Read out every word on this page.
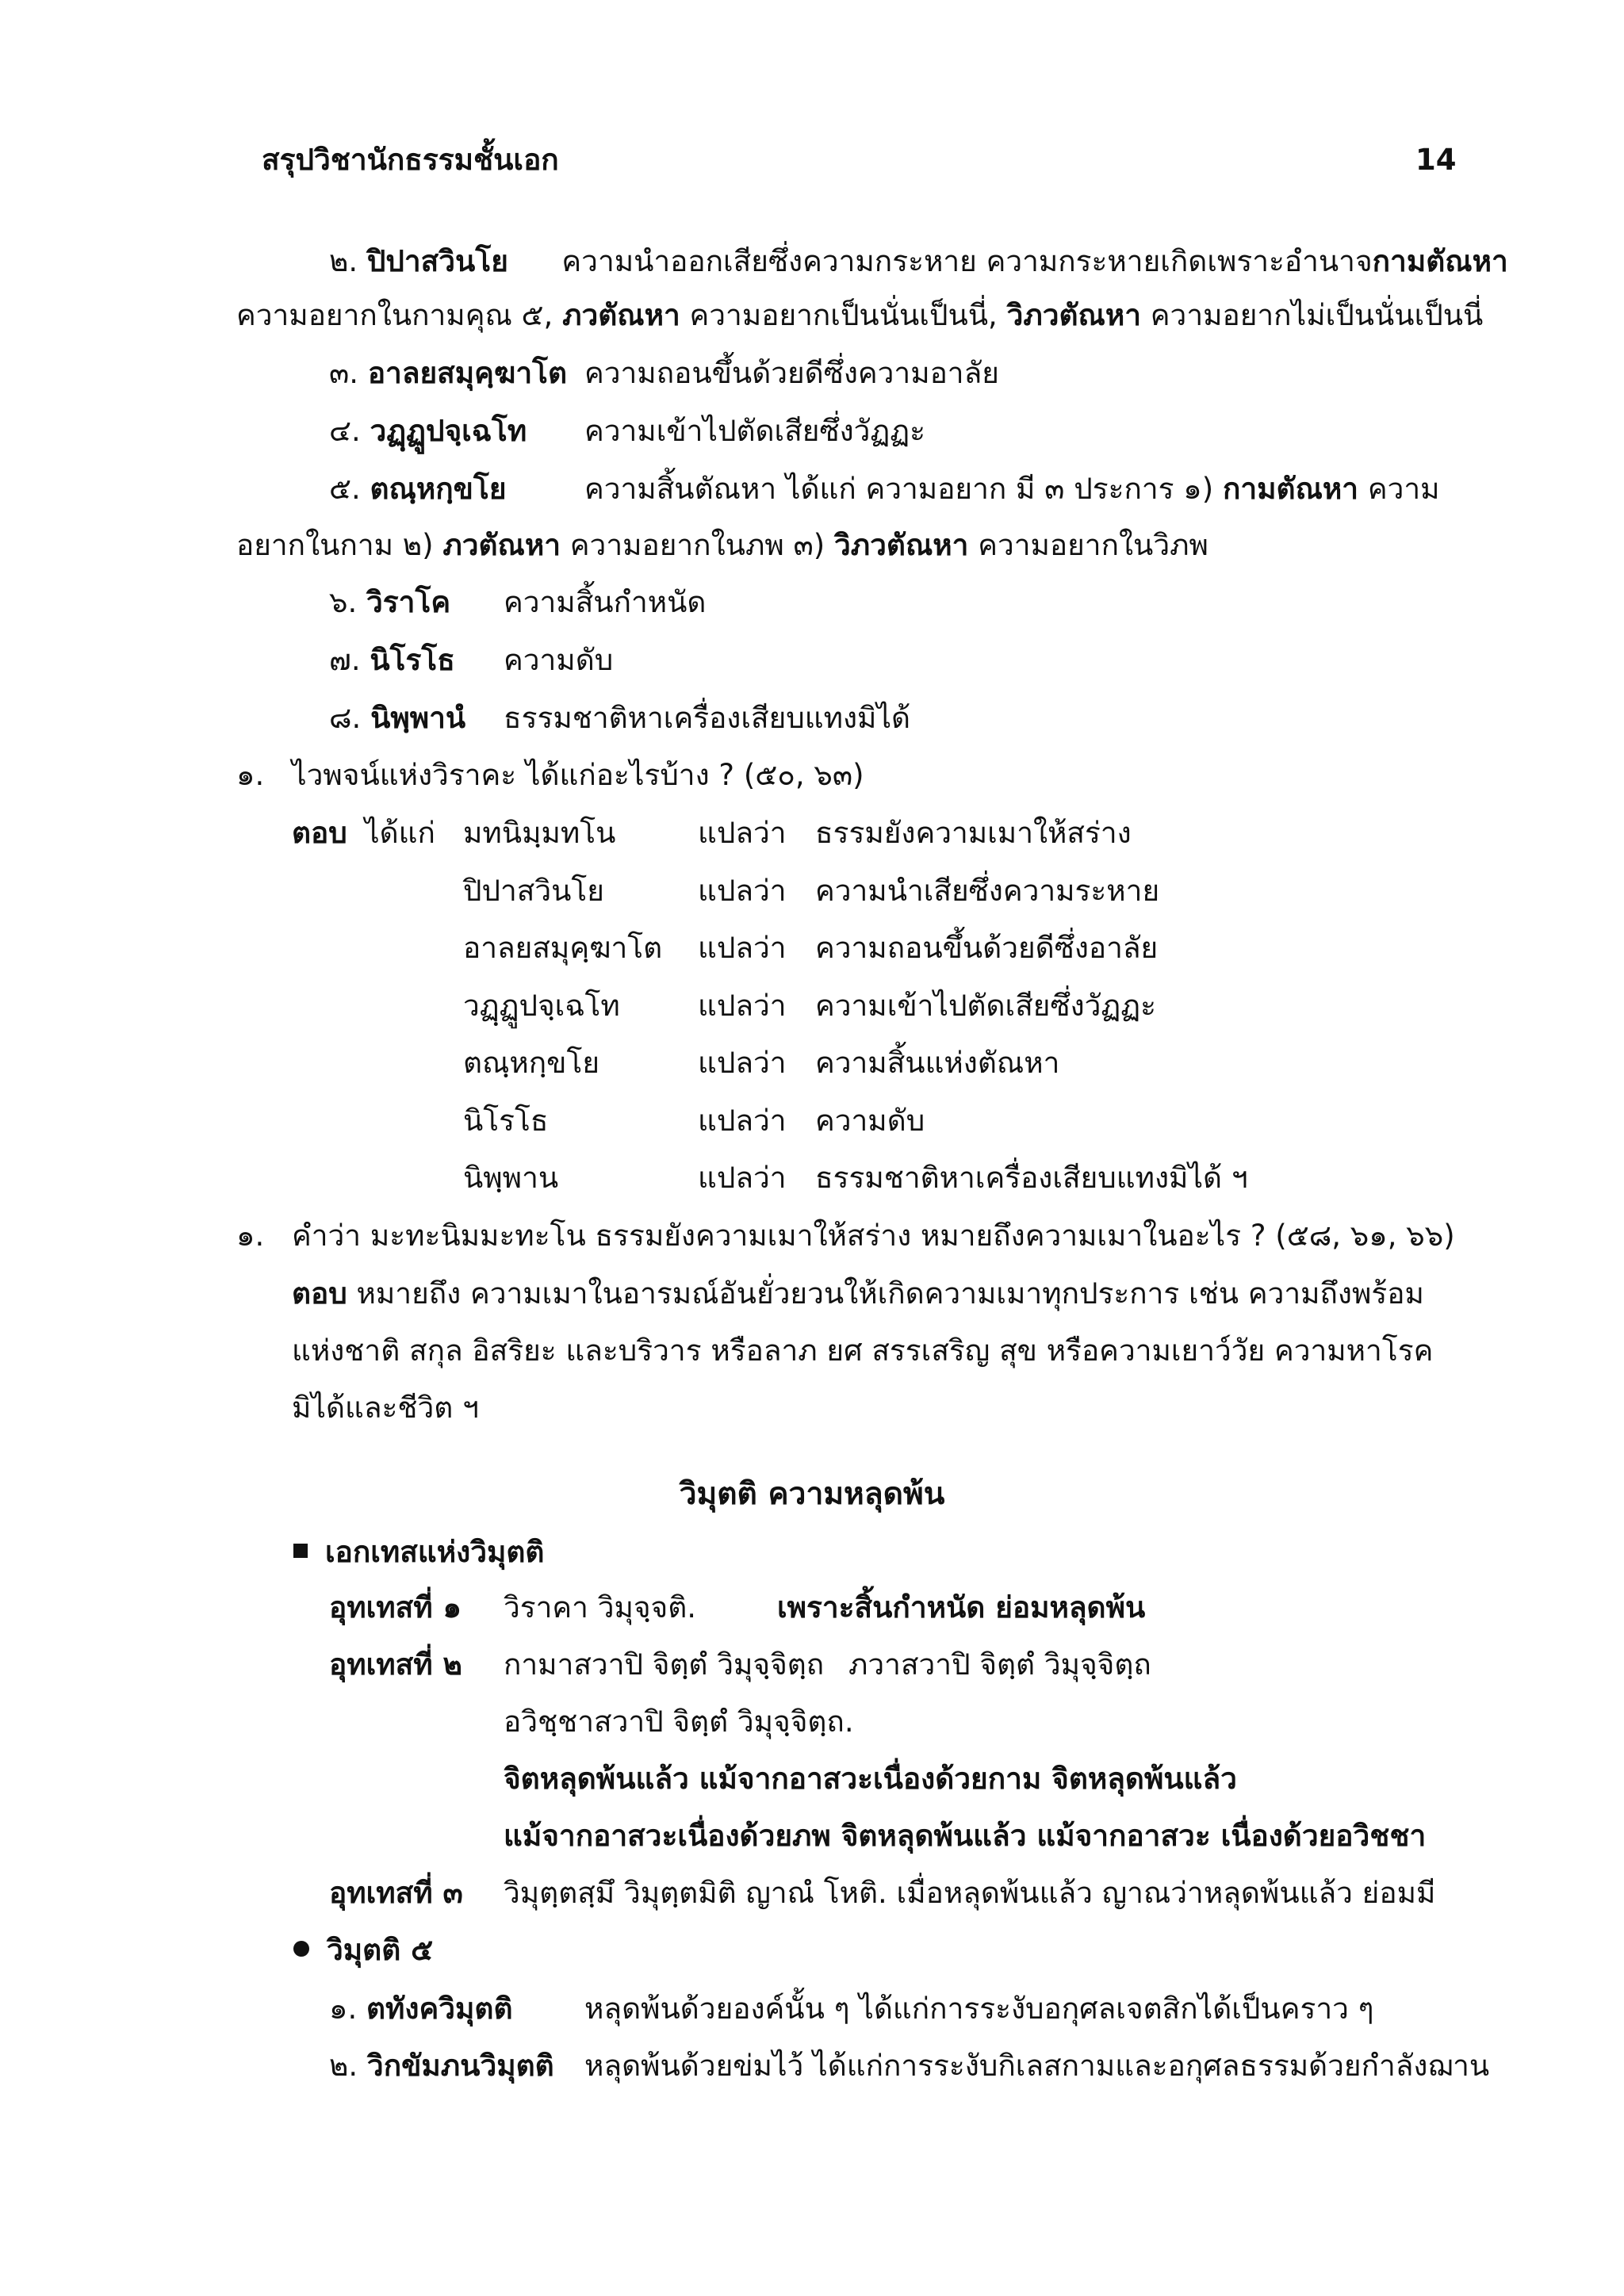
สรุปวิชานักธรรมชั้นเอก	14
๒. ปิปาสวินโย ความนำออกเสียซึ่งความกระหาย ความกระหายเกิดเพราะอำนาจกามตัณหา
ความอยากในกามคุณ ๕, ภวตัณหา ความอยากเป็นนั่นเป็นนี่, วิภวตัณหา ความอยากไม่เป็นนั่นเป็นนี่
๓. อาลยสมุคฺฆาโต ความถอนขึ้นด้วยดีซึ่งความอาลัย
๔. วฏฺฏูปจฺเฉโท ความเข้าไปตัดเสียซึ่งวัฏฏะ
๕. ตณฺหกฺขโย	ความสิ้นตัณหา ได้แก่ ความอยาก มี ๓ ประการ ๑) กามตัณหา ความ
อยากในกาม ๒) ภวตัณหา ความอยากในภพ ๓) วิภวตัณหา ความอยากในวิภพ
๖. วิราโค ความสิ้นกำหนัด
๗. นิโรโธ ความดับ
๘. นิพฺพานํ ธรรมชาติหาเครื่องเสียบแทงมิได้
๑. ไวพจน์แห่งวิราคะ ได้แก่อะไรบ้าง ? (๕๐, ๖๓)
ตอบ ได้แก่ มทนิมฺมทโน	แปลว่า ธรรมยังความเมาให้สร่าง
ปิปาสวินโย	แปลว่า ความนำเสียซึ่งความระหาย
อาลยสมุคฺฆาโต แปลว่า ความถอนขึ้นด้วยดีซึ่งอาลัย
วฏฺฏูปจฺเฉโท	แปลว่า ความเข้าไปตัดเสียซึ่งวัฏฏะ
ตณฺหกฺขโย	แปลว่า ความสิ้นแห่งตัณหา
นิโรโธ	แปลว่า ความดับ
นิพฺพาน	แปลว่า ธรรมชาติหาเครื่องเสียบแทงมิได้ ฯ
๑. คำว่า มะทะนิมมะทะโน ธรรมยังความเมาให้สร่าง หมายถึงความเมาในอะไร ? (๕๘, ๖๑, ๖๖)
ตอบ หมายถึง ความเมาในอารมณ์อันยั่วยวนให้เกิดความเมาทุกประการ เช่น ความถึงพร้อม
แห่งชาติ สกุล อิสริยะ และบริวาร หรือลาภ ยศ สรรเสริญ สุข หรือความเยาว์วัย ความหาโรค
มิได้และชีวิต ฯ
วิมุตติ ความหลุดพ้น
เอกเทสแห่งวิมุตติ
อุทเทสที่ ๑ วิราคา วิมุจฺจติ.	เพราะสิ้นกำหนัด ย่อมหลุดพ้น
อุทเทสที่ ๒ กามาสวาปิ จิตฺตํ วิมุจฺจิตฺถ ภวาสวาปิ จิตฺตํ วิมุจฺจิตฺถ
อวิชฺชาสวาปิ จิตฺตํ วิมุจฺจิตฺถ.
จิตหลุดพ้นแล้ว แม้จากอาสวะเนื่องด้วยกาม จิตหลุดพ้นแล้ว
แม้จากอาสวะเนื่องด้วยภพ จิตหลุดพ้นแล้ว แม้จากอาสวะ เนื่องด้วยอวิชชา
อุทเทสที่ ๓ วิมุตฺตสฺมึ วิมุตฺตมิติ ญาณํ โหติ. เมื่อหลุดพ้นแล้ว ญาณว่าหลุดพ้นแล้ว ย่อมมี
วิมุตติ ๕
๑. ตทังควิมุตติ หลุดพ้นด้วยองค์นั้น ๆ ได้แก่การระงับอกุศลเจตสิกได้เป็นคราว ๆ
๒. วิกขัมภนวิมุตติ หลุดพ้นด้วยข่มไว้ ได้แก่การระงับกิเลสกามและอกุศลธรรมด้วยกำลังฌาน
